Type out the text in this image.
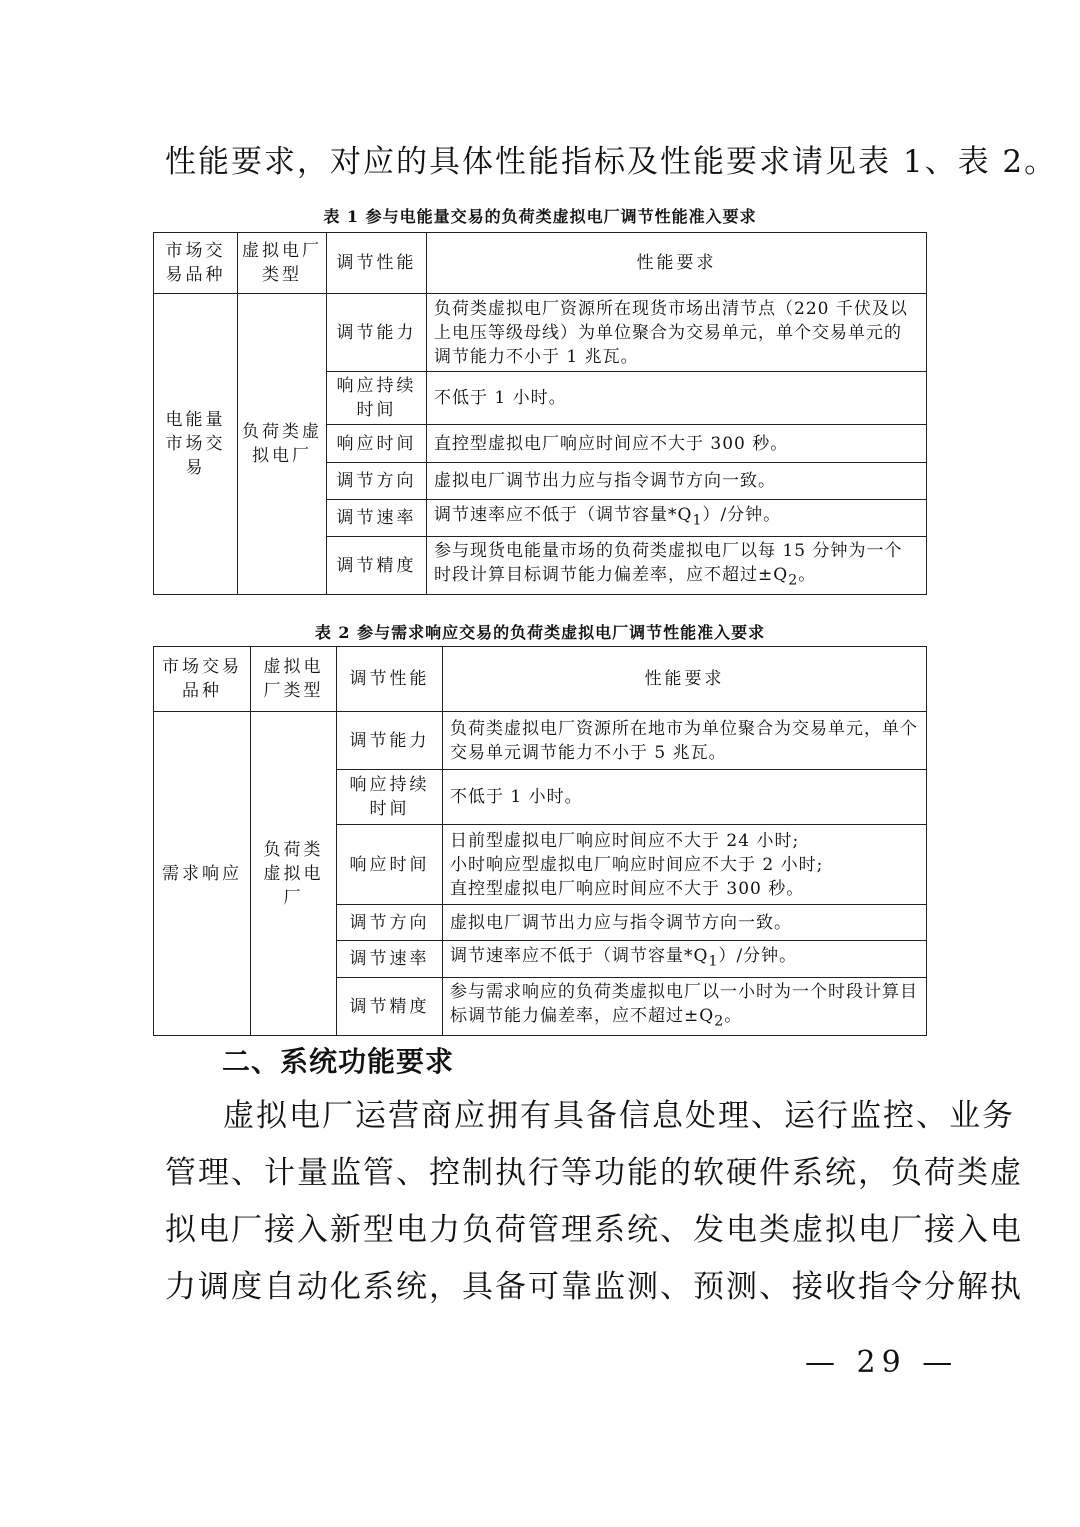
性能要求，对应的具体性能指标及性能要求请见表 1、表 2。
表 1 参与电能量交易的负荷类虚拟电厂调节性能准入要求
市场交易品种	虚拟电厂类型	调节性能	性能要求
电能量市场交易	负荷类虚拟电厂	调节能力	负荷类虚拟电厂资源所在现货市场出清节点（220 千伏及以上电压等级母线）为单位聚合为交易单元，单个交易单元的调节能力不小于 1 兆瓦。
		响应持续时间	不低于 1 小时。
		响应时间	直控型虚拟电厂响应时间应不大于 300 秒。
		调节方向	虚拟电厂调节出力应与指令调节方向一致。
		调节速率	调节速率应不低于（调节容量$*Q_1)/$分钟。
		调节精度	参与现货电能量市场的负荷类虚拟电厂以每 15 分钟为一个时段计算目标调节能力偏差率，应不超过$\pm Q_2$。
表 2 参与需求响应交易的负荷类虚拟电厂调节性能准入要求
市场交易品种	虚拟电厂类型	调节性能	性能要求
需求响应	负荷类虚拟电厂	调节能力	负荷类虚拟电厂资源所在地市为单位聚合为交易单元，单个交易单元调节能力不小于 5 兆瓦。
		响应持续时间	不低于 1 小时。
		响应时间	日前型虚拟电厂响应时间应不大于 24 小时;
小时响应型虚拟电厂响应时间应不大于 2 小时;
直控型虚拟电厂响应时间应不大于 300 秒。

		调节方向	虚拟电厂调节出力应与指令调节方向一致。
		调节速率	调节速率应不低于（调节容量$*Q_1)/$分钟。
		调节精度	参与需求响应的负荷类虚拟电厂以一小时为一个时段计算目标调节能力偏差率，应不超过$\pm Q_2$。
二、系统功能要求
虚拟电厂运营商应拥有具备信息处理、运行监控、业务
管理、计量监管、控制执行等功能的软硬件系统，负荷类虚
拟电厂接入新型电力负荷管理系统、发电类虚拟电厂接入电
力调度自动化系统，具备可靠监测、预测、接收指令分解执
— 29 —
